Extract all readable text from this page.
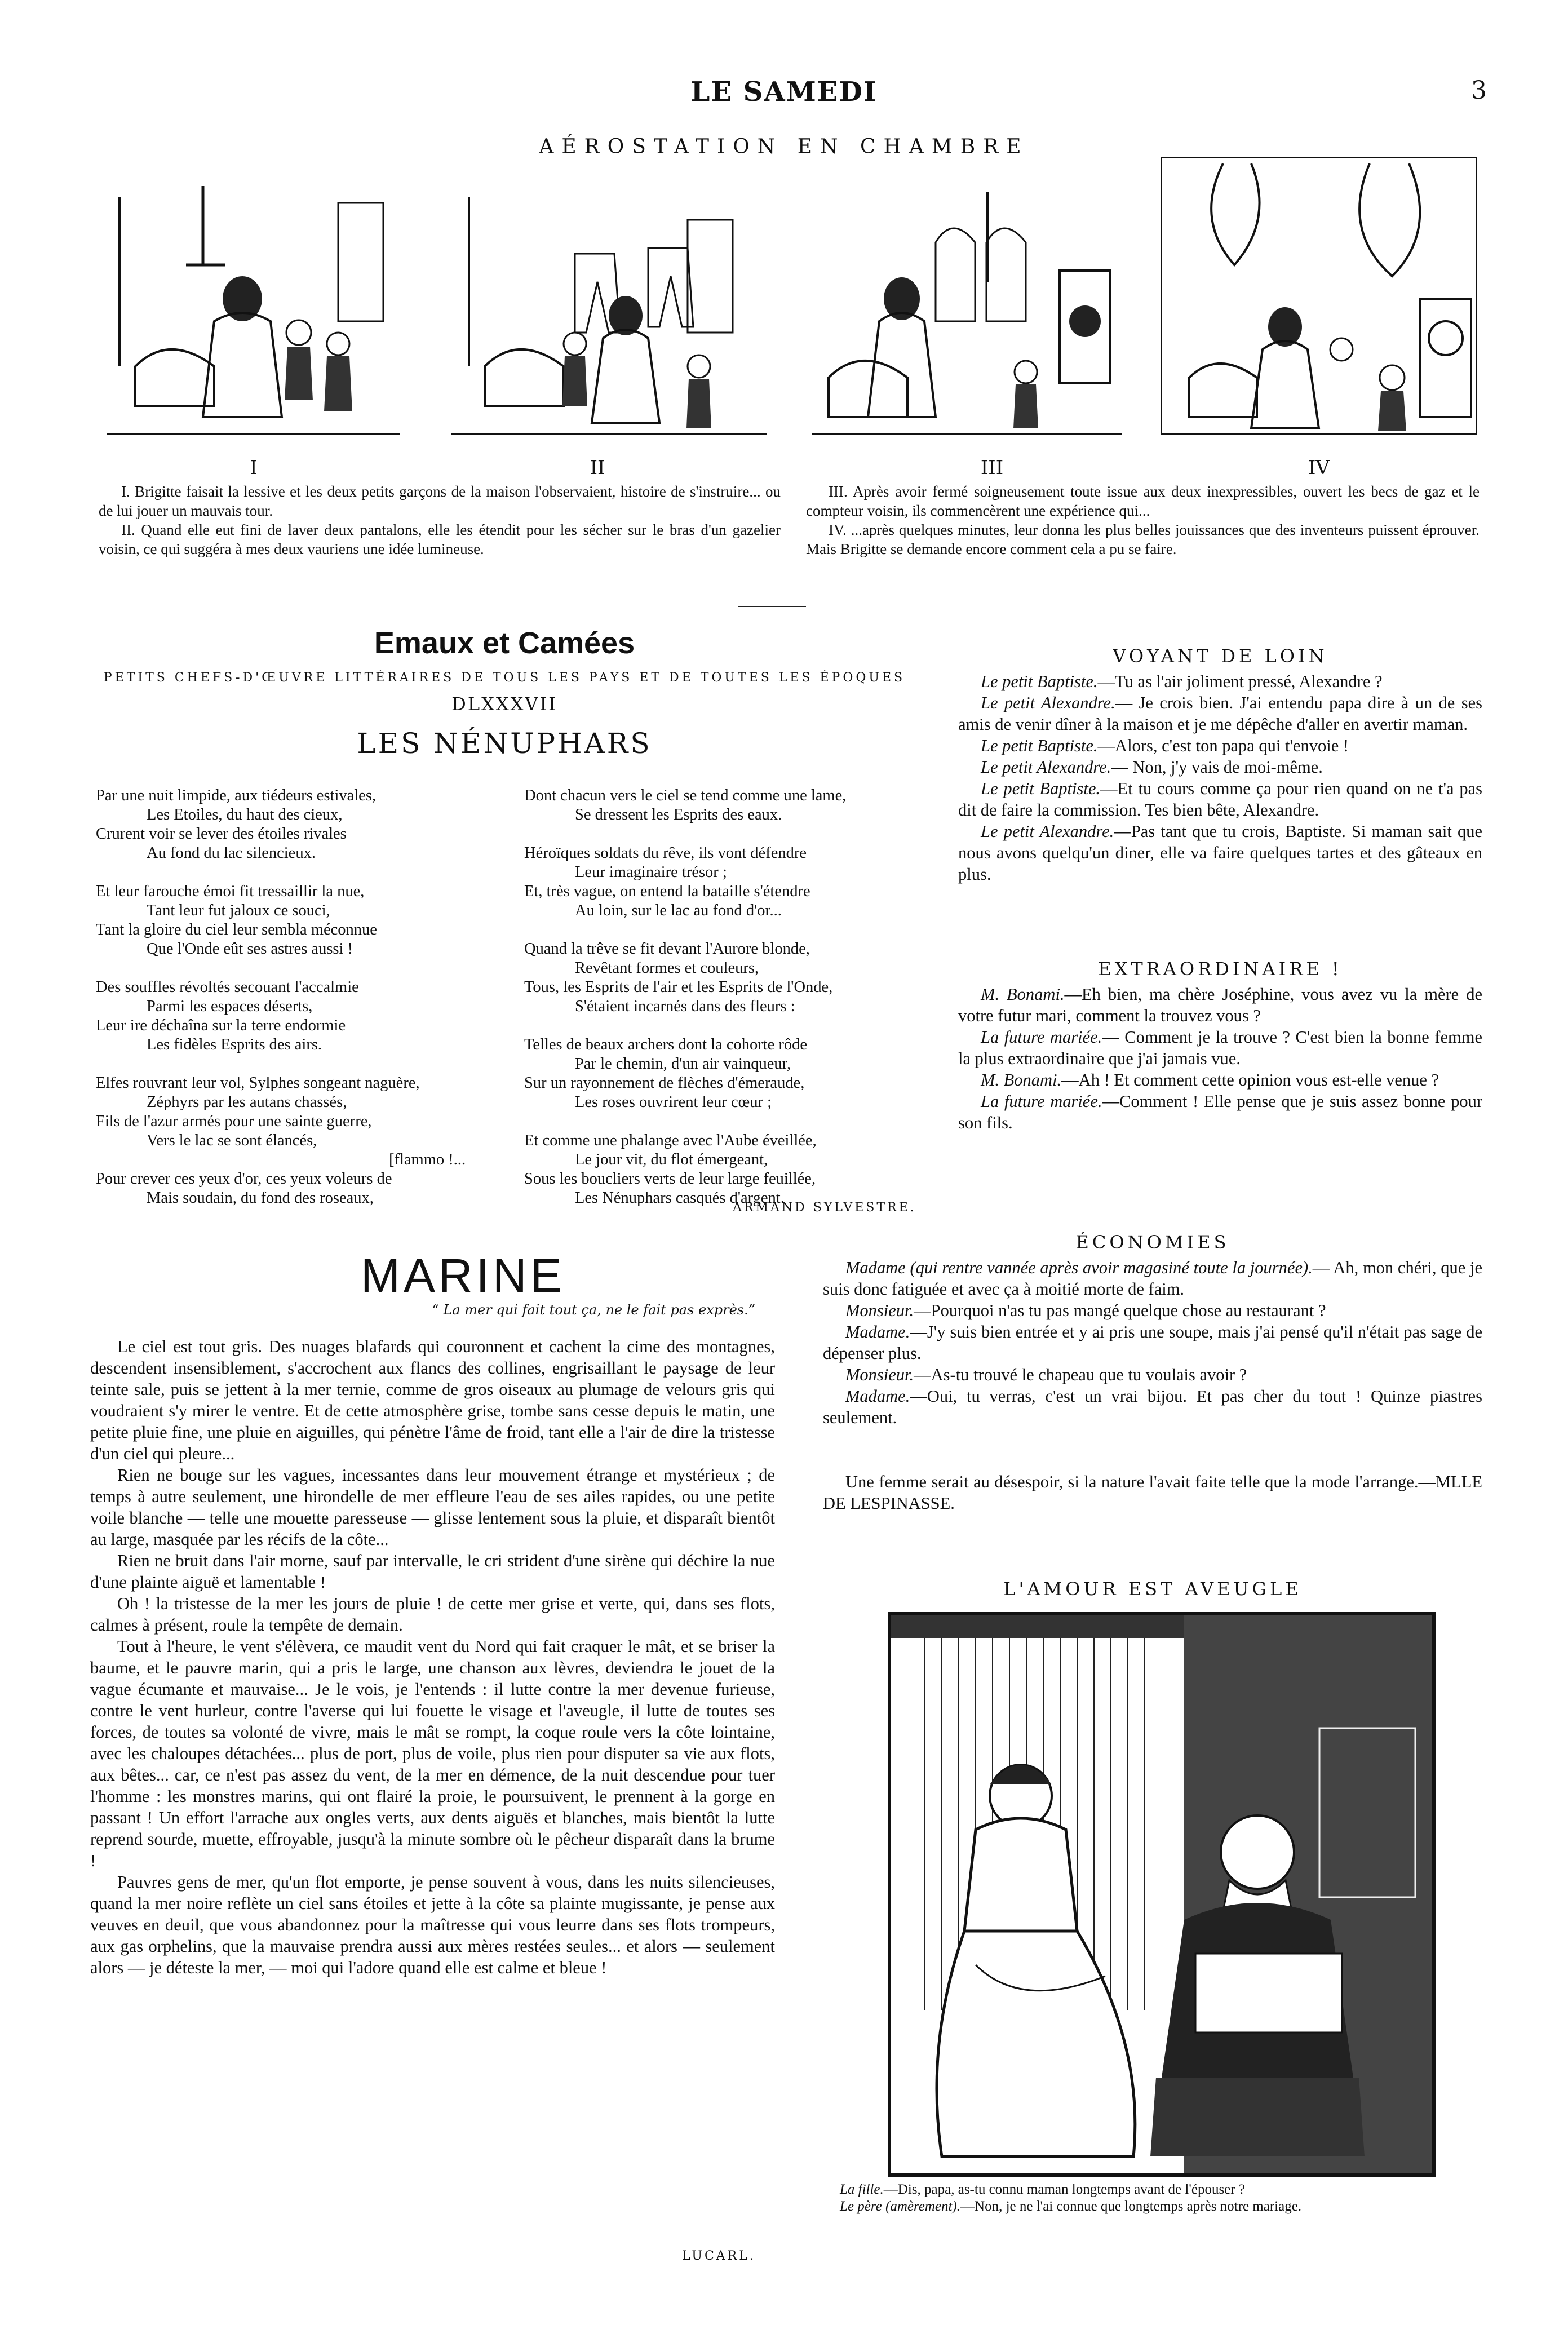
LE SAMEDI	3
AÉROSTATION EN CHAMBRE
I	II	III	IV

I. Brigitte faisait la lessive et les deux petits garçons de la maison l'observaient, histoire de s'instruire... ou de lui jouer un mauvais tour.

II. Quand elle eut fini de laver deux pantalons, elle les étendit pour les sécher sur le bras d'un gazelier voisin, ce qui suggéra à mes deux vauriens une idée lumineuse.

III. Après avoir fermé soigneusement toute issue aux deux inexpressibles, ouvert les becs de gaz et le compteur voisin, ils commencèrent une expérience qui...

IV. ...après quelques minutes, leur donna les plus belles jouissances que des inventeurs puissent éprouver. Mais Brigitte se demande encore comment cela a pu se faire.

Emaux et Camées
PETITS CHEFS-D'ŒUVRE LITTÉRAIRES DE TOUS LES PAYS ET DE TOUTES LES ÉPOQUES
DLXXXVII
LES NÉNUPHARS
Par une nuit limpide, aux tiédeurs estivales,
Les Etoiles, du haut des cieux,
Crurent voir se lever des étoiles rivales
Au fond du lac silencieux.
Et leur farouche émoi fit tressaillir la nue,
Tant leur fut jaloux ce souci,
Tant la gloire du ciel leur sembla méconnue
Que l'Onde eût ses astres aussi !
Des souffles révoltés secouant l'accalmie
Parmi les espaces déserts,
Leur ire déchaîna sur la terre endormie
Les fidèles Esprits des airs.
Elfes rouvrant leur vol, Sylphes songeant naguère,
Zéphyrs par les autans chassés,
Fils de l'azur armés pour une sainte guerre,
Vers le lac se sont élancés,
[flammo !...
Pour crever ces yeux d'or, ces yeux voleurs de
Mais soudain, du fond des roseaux,
Dont chacun vers le ciel se tend comme une lame,
Se dressent les Esprits des eaux.
Héroïques soldats du rêve, ils vont défendre
Leur imaginaire trésor ;
Et, très vague, on entend la bataille s'étendre
Au loin, sur le lac au fond d'or...
Quand la trêve se fit devant l'Aurore blonde,
Revêtant formes et couleurs,
Tous, les Esprits de l'air et les Esprits de l'Onde,
S'étaient incarnés dans des fleurs :
Telles de beaux archers dont la cohorte rôde
Par le chemin, d'un air vainqueur,
Sur un rayonnement de flèches d'émeraude,
Les roses ouvrirent leur cœur ;
Et comme une phalange avec l'Aube éveillée,
Le jour vit, du flot émergeant,
Sous les boucliers verts de leur large feuillée,
Les Nénuphars casqués d'argent.
ARMAND SYLVESTRE.
MARINE
“ La mer qui fait tout ça, ne le fait pas exprès.”

Le ciel est tout gris. Des nuages blafards qui couronnent et cachent la cime des montagnes, descendent insensiblement, s'accrochent aux flancs des collines, engrisaillant le paysage de leur teinte sale, puis se jettent à la mer ternie, comme de gros oiseaux au plumage de velours gris qui voudraient s'y mirer le ventre. Et de cette atmosphère grise, tombe sans cesse depuis le matin, une petite pluie fine, une pluie en aiguilles, qui pénètre l'âme de froid, tant elle a l'air de dire la tristesse d'un ciel qui pleure...

Rien ne bouge sur les vagues, incessantes dans leur mouvement étrange et mystérieux ; de temps à autre seulement, une hirondelle de mer effleure l'eau de ses ailes rapides, ou une petite voile blanche — telle une mouette paresseuse — glisse lentement sous la pluie, et disparaît bientôt au large, masquée par les récifs de la côte...

Rien ne bruit dans l'air morne, sauf par intervalle, le cri strident d'une sirène qui déchire la nue d'une plainte aiguë et lamentable !

Oh ! la tristesse de la mer les jours de pluie ! de cette mer grise et verte, qui, dans ses flots, calmes à présent, roule la tempête de demain.

Tout à l'heure, le vent s'élèvera, ce maudit vent du Nord qui fait craquer le mât, et se briser la baume, et le pauvre marin, qui a pris le large, une chanson aux lèvres, deviendra le jouet de la vague écumante et mauvaise... Je le vois, je l'entends : il lutte contre la mer devenue furieuse, contre le vent hurleur, contre l'averse qui lui fouette le visage et l'aveugle, il lutte de toutes ses forces, de toutes sa volonté de vivre, mais le mât se rompt, la coque roule vers la côte lointaine, avec les chaloupes détachées... plus de port, plus de voile, plus rien pour disputer sa vie aux flots, aux bêtes... car, ce n'est pas assez du vent, de la mer en démence, de la nuit descendue pour tuer l'homme : les monstres marins, qui ont flairé la proie, le poursuivent, le prennent à la gorge en passant ! Un effort l'arrache aux ongles verts, aux dents aiguës et blanches, mais bientôt la lutte reprend sourde, muette, effroyable, jusqu'à la minute sombre où le pêcheur disparaît dans la brume !

Pauvres gens de mer, qu'un flot emporte, je pense souvent à vous, dans les nuits silencieuses, quand la mer noire reflète un ciel sans étoiles et jette à la côte sa plainte mugissante, je pense aux veuves en deuil, que vous abandonnez pour la maîtresse qui vous leurre dans ses flots trompeurs, aux gas orphelins, que la mauvaise prendra aussi aux mères restées seules... et alors — seulement alors — je déteste la mer, — moi qui l'adore quand elle est calme et bleue !

LUCARL.
VOYANT DE LOIN

Le petit Baptiste.—Tu as l'air joliment pressé, Alexandre ?

Le petit Alexandre.— Je crois bien. J'ai entendu papa dire à un de ses amis de venir dîner à la maison et je me dépêche d'aller en avertir maman.

Le petit Baptiste.—Alors, c'est ton papa qui t'envoie !

Le petit Alexandre.— Non, j'y vais de moi-même.

Le petit Baptiste.—Et tu cours comme ça pour rien quand on ne t'a pas dit de faire la commission. Tes bien bête, Alexandre.

Le petit Alexandre.—Pas tant que tu crois, Baptiste. Si maman sait que nous avons quelqu'un diner, elle va faire quelques tartes et des gâteaux en plus.

EXTRAORDINAIRE !

M. Bonami.—Eh bien, ma chère Joséphine, vous avez vu la mère de votre futur mari, comment la trouvez vous ?

La future mariée.— Comment je la trouve ? C'est bien la bonne femme la plus extraordinaire que j'ai jamais vue.

M. Bonami.—Ah ! Et comment cette opinion vous est-elle venue ?

La future mariée.—Comment ! Elle pense que je suis assez bonne pour son fils.

ÉCONOMIES

Madame (qui rentre vannée après avoir magasiné toute la journée).— Ah, mon chéri, que je suis donc fatiguée et avec ça à moitié morte de faim.

Monsieur.—Pourquoi n'as tu pas mangé quelque chose au restaurant ?

Madame.—J'y suis bien entrée et y ai pris une soupe, mais j'ai pensé qu'il n'était pas sage de dépenser plus.

Monsieur.—As-tu trouvé le chapeau que tu voulais avoir ?

Madame.—Oui, tu verras, c'est un vrai bijou. Et pas cher du tout ! Quinze piastres seulement.

Une femme serait au désespoir, si la nature l'avait faite telle que la mode l'arrange.—MLLE DE LESPINASSE.

L'AMOUR EST AVEUGLE

La fille.—Dis, papa, as-tu connu maman longtemps avant de l'épouser ?

Le père (amèrement).—Non, je ne l'ai connue que longtemps après notre mariage.
